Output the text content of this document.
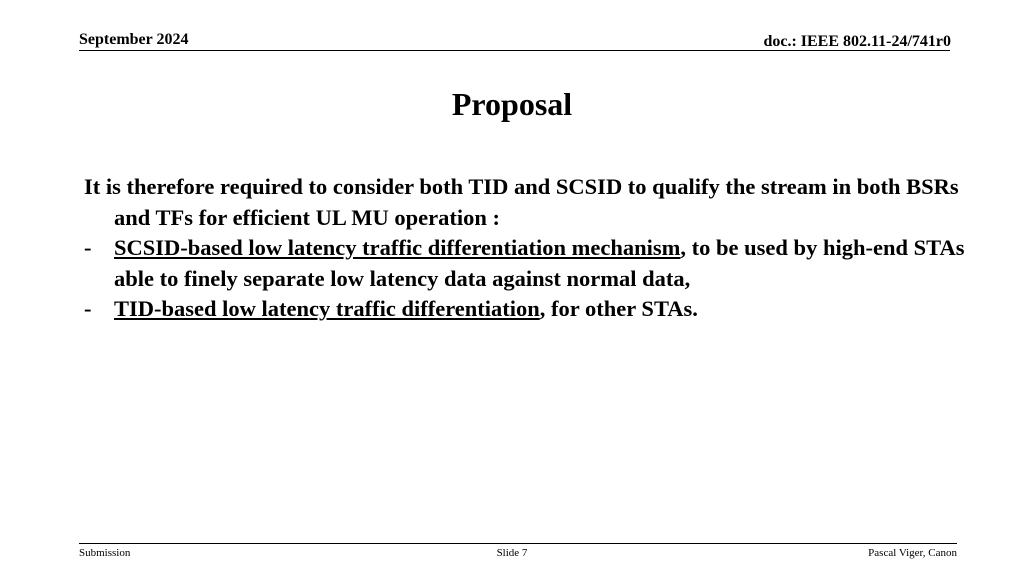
September 2024	doc.: IEEE 802.11-24/741r0
Proposal

It is therefore required to consider both TID and SCSID to qualify the stream in both BSRs and TFs for efficient UL MU operation :

- SCSID-based low latency traffic differentiation mechanism, to be used by high-end STAs able to finely separate low latency data against normal data,

- TID-based low latency traffic differentiation, for other STAs.

Submission	Slide 7	Pascal Viger, Canon
